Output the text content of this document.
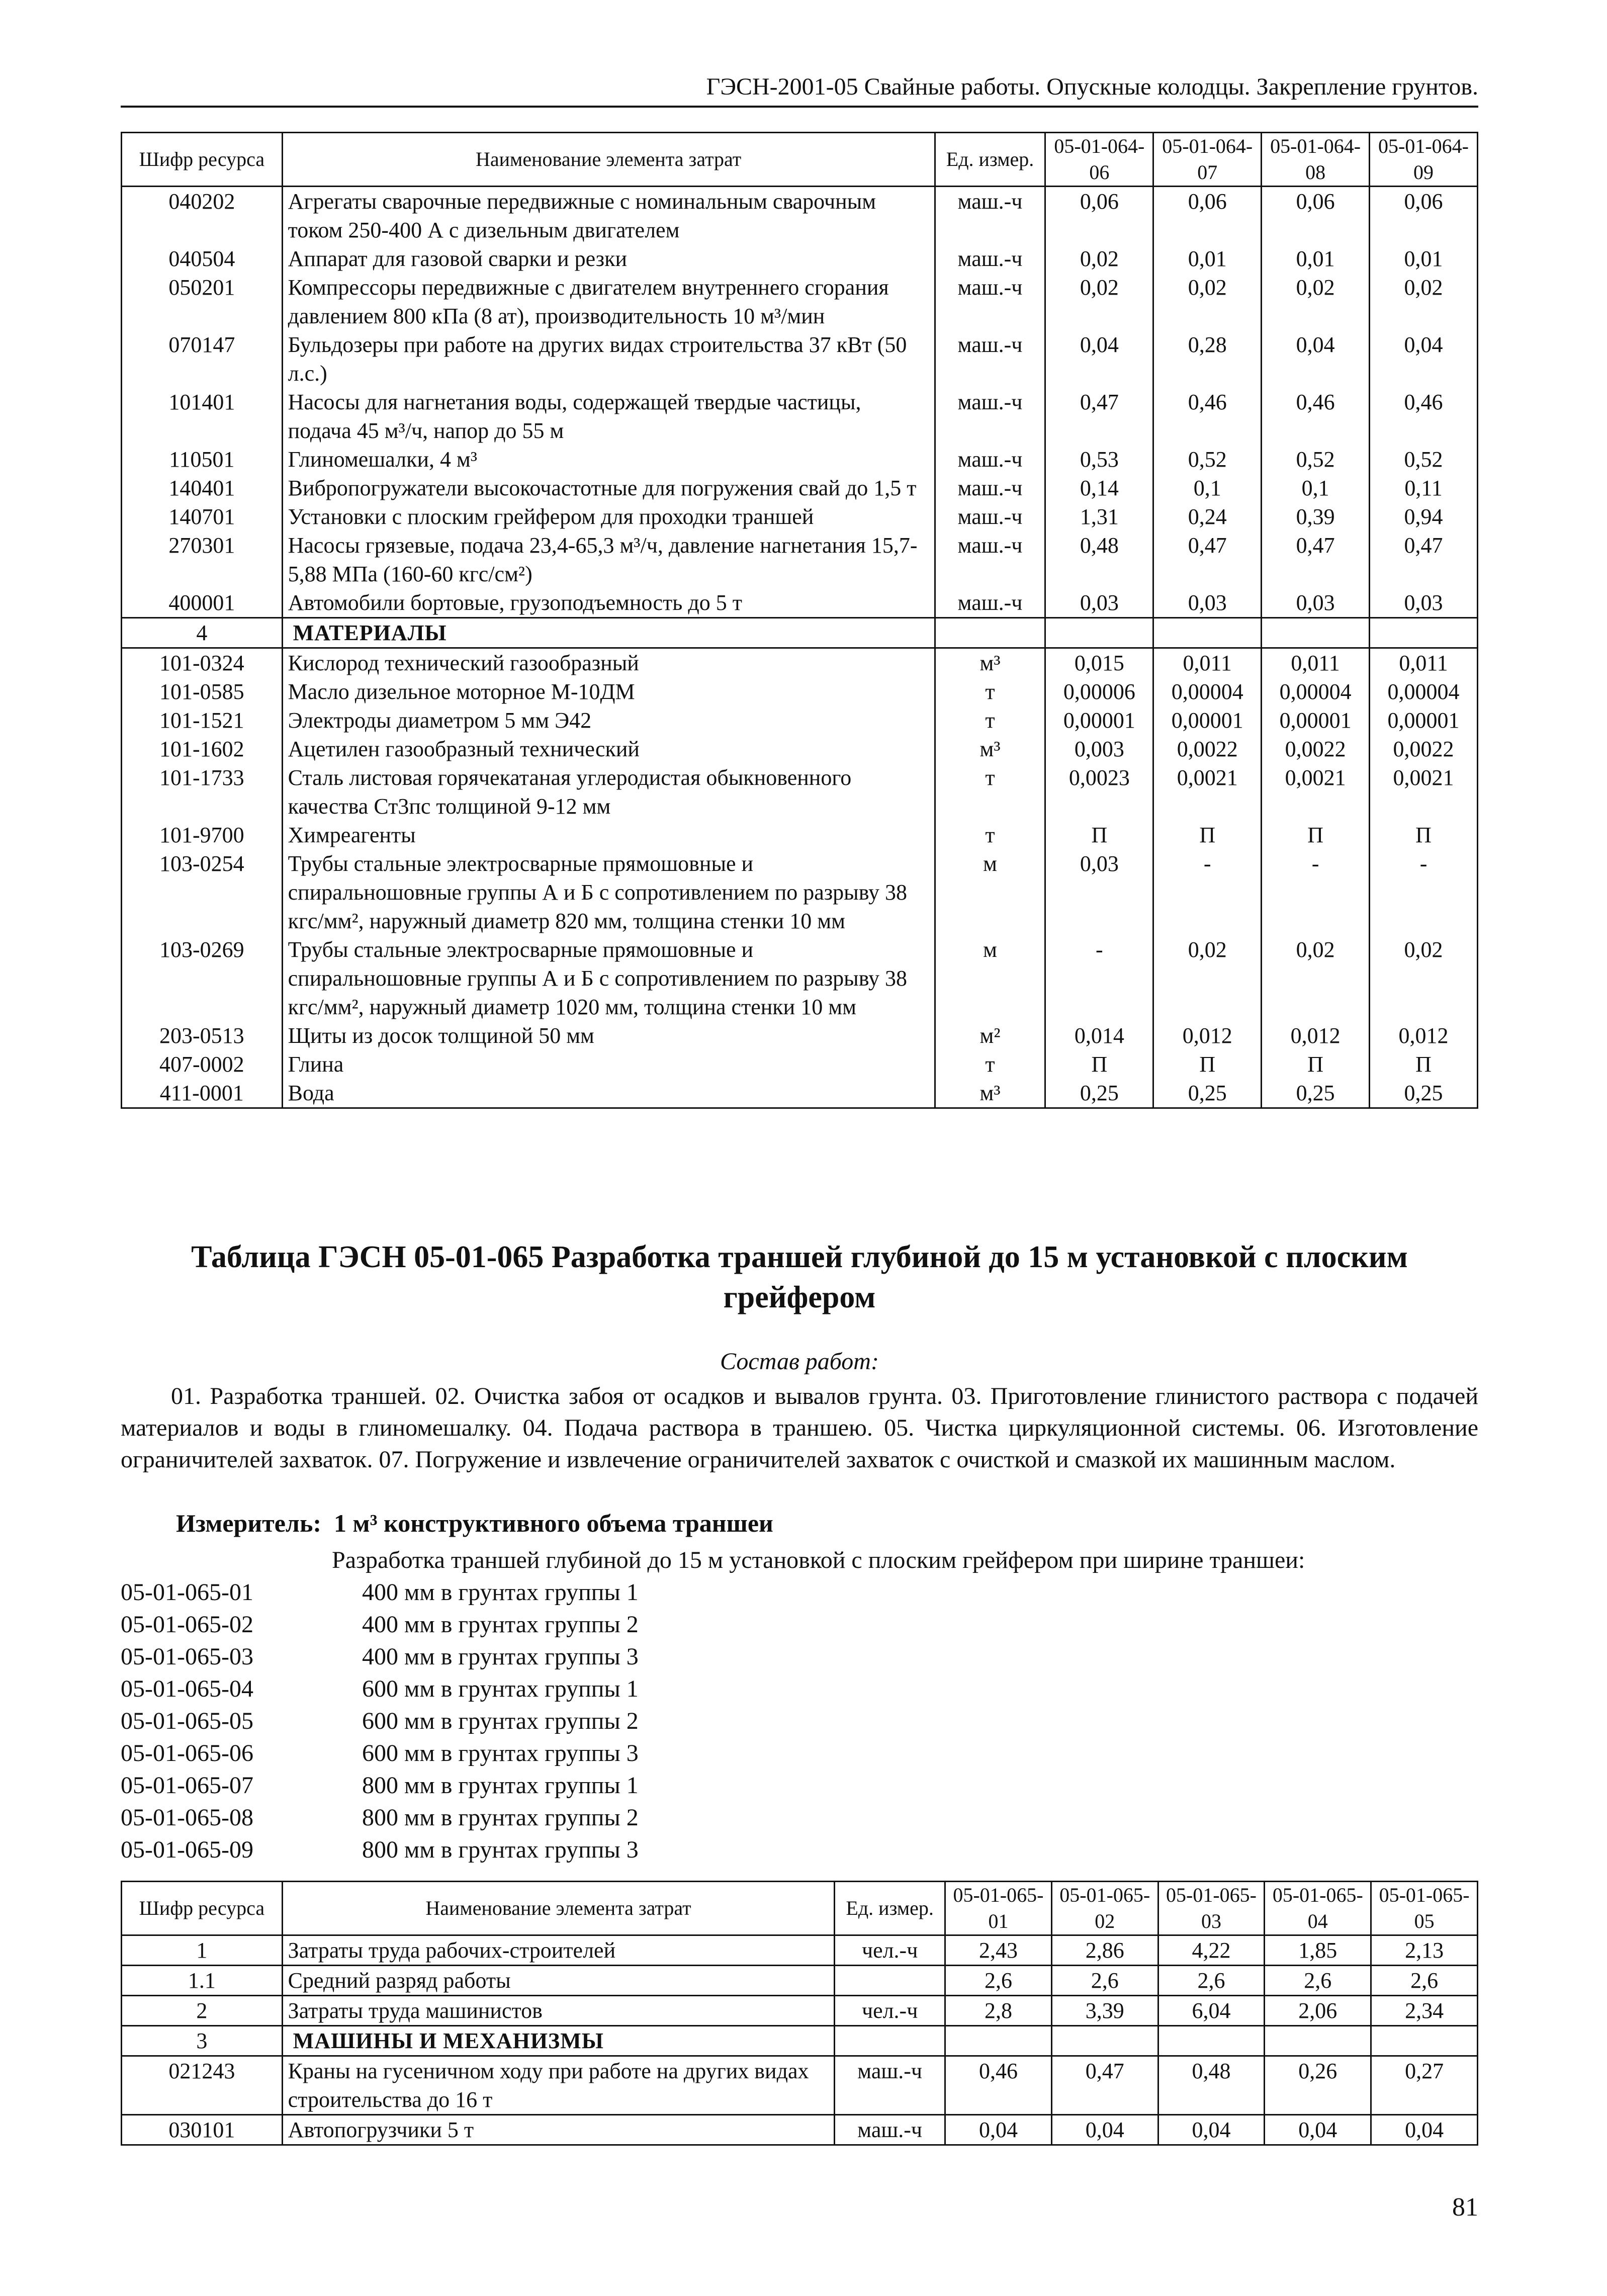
ГЭСН-2001-05 Свайные работы. Опускные колодцы. Закрепление грунтов.
Шифр ресурса	Наименование элемента затрат	Ед. измер.	05-01-064-06	05-01-064-07	05-01-064-08	05-01-064-09
040202	Агрегаты сварочные передвижные с номинальным сварочным током 250-400 А с дизельным двигателем	маш.-ч	0,06	0,06	0,06	0,06
040504	Аппарат для газовой сварки и резки	маш.-ч	0,02	0,01	0,01	0,01
050201	Компрессоры передвижные с двигателем внутреннего сгорания давлением 800 кПа (8 ат), производительность 10 м³/мин	маш.-ч	0,02	0,02	0,02	0,02
070147	Бульдозеры при работе на других видах строительства 37 кВт (50 л.с.)	маш.-ч	0,04	0,28	0,04	0,04
101401	Насосы для нагнетания воды, содержащей твердые частицы, подача 45 м³/ч, напор до 55 м	маш.-ч	0,47	0,46	0,46	0,46
110501	Глиномешалки, 4 м³	маш.-ч	0,53	0,52	0,52	0,52
140401	Вибропогружатели высокочастотные для погружения свай до 1,5 т	маш.-ч	0,14	0,1	0,1	0,11
140701	Установки с плоским грейфером для проходки траншей	маш.-ч	1,31	0,24	0,39	0,94
270301	Насосы грязевые, подача 23,4-65,3 м³/ч, давление нагнетания 15,7-5,88 МПа (160-60 кгс/см²)	маш.-ч	0,48	0,47	0,47	0,47
400001	Автомобили бортовые, грузоподъемность до 5 т	маш.-ч	0,03	0,03	0,03	0,03
4	МАТЕРИАЛЫ					
101-0324	Кислород технический газообразный	м³	0,015	0,011	0,011	0,011
101-0585	Масло дизельное моторное М-10ДМ	т	0,00006	0,00004	0,00004	0,00004
101-1521	Электроды диаметром 5 мм Э42	т	0,00001	0,00001	0,00001	0,00001
101-1602	Ацетилен газообразный технический	м³	0,003	0,0022	0,0022	0,0022
101-1733	Сталь листовая горячекатаная углеродистая обыкновенного качества Ст3пс толщиной 9-12 мм	т	0,0023	0,0021	0,0021	0,0021
101-9700	Химреагенты	т	П	П	П	П
103-0254	Трубы стальные электросварные прямошовные и спиральношовные группы А и Б с сопротивлением по разрыву 38 кгс/мм², наружный диаметр 820 мм, толщина стенки 10 мм	м	0,03	-	-	-
103-0269	Трубы стальные электросварные прямошовные и спиральношовные группы А и Б с сопротивлением по разрыву 38 кгс/мм², наружный диаметр 1020 мм, толщина стенки 10 мм	м	-	0,02	0,02	0,02
203-0513	Щиты из досок толщиной 50 мм	м²	0,014	0,012	0,012	0,012
407-0002	Глина	т	П	П	П	П
411-0001	Вода	м³	0,25	0,25	0,25	0,25
Таблица ГЭСН 05-01-065 Разработка траншей глубиной до 15 м установкой с плоским грейфером
Состав работ:
01. Разработка траншей. 02. Очистка забоя от осадков и вывалов грунта. 03. Приготовление глинистого раствора с подачей материалов и воды в глиномешалку. 04. Подача раствора в траншею. 05. Чистка циркуляционной системы. 06. Изготовление ограничителей захваток. 07. Погружение и извлечение ограничителей захваток с очисткой и смазкой их машинным маслом.
Измеритель: 1 м³ конструктивного объема траншеи
Разработка траншей глубиной до 15 м установкой с плоским грейфером при ширине траншеи:
05-01-065-01	400 мм в грунтах группы 1
05-01-065-02	400 мм в грунтах группы 2
05-01-065-03	400 мм в грунтах группы 3
05-01-065-04	600 мм в грунтах группы 1
05-01-065-05	600 мм в грунтах группы 2
05-01-065-06	600 мм в грунтах группы 3
05-01-065-07	800 мм в грунтах группы 1
05-01-065-08	800 мм в грунтах группы 2
05-01-065-09	800 мм в грунтах группы 3
Шифр ресурса	Наименование элемента затрат	Ед. измер.	05-01-065-01	05-01-065-02	05-01-065-03	05-01-065-04	05-01-065-05
1	Затраты труда рабочих-строителей	чел.-ч	2,43	2,86	4,22	1,85	2,13
1.1	Средний разряд работы		2,6	2,6	2,6	2,6	2,6
2	Затраты труда машинистов	чел.-ч	2,8	3,39	6,04	2,06	2,34
3	МАШИНЫ И МЕХАНИЗМЫ						
021243	Краны на гусеничном ходу при работе на других видах строительства до 16 т	маш.-ч	0,46	0,47	0,48	0,26	0,27
030101	Автопогрузчики 5 т	маш.-ч	0,04	0,04	0,04	0,04	0,04
81
